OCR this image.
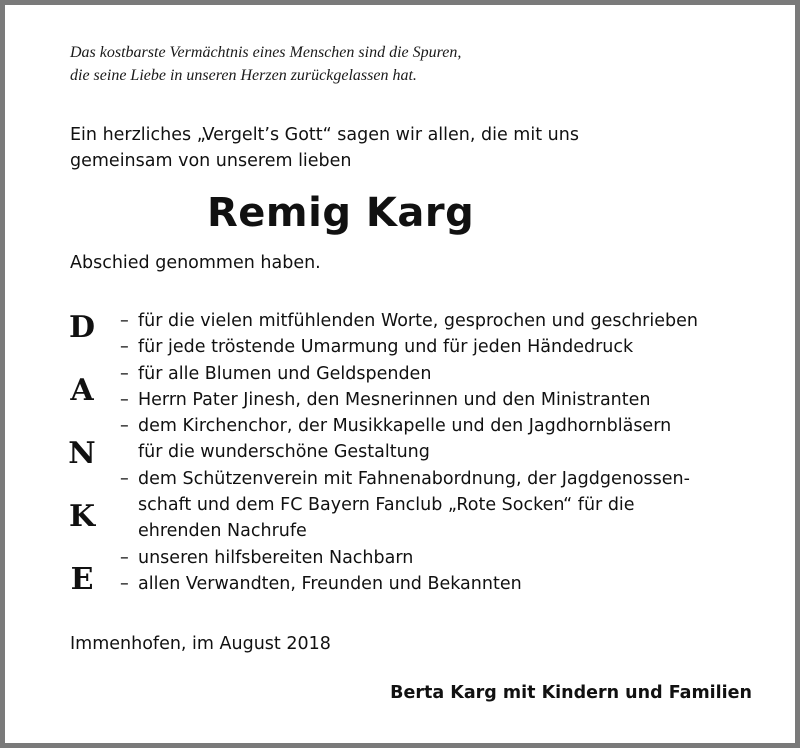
Das kostbarste Vermächtnis eines Menschen sind die Spuren,
die seine Liebe in unseren Herzen zurückgelassen hat.
Ein herzliches „Vergelt’s Gott“ sagen wir allen, die mit uns
gemeinsam von unserem lieben
Remig Karg
Abschied genommen haben.
D
A
N
K
E
– für die vielen mitfühlenden Worte, gesprochen und geschrieben
– für jede tröstende Umarmung und für jeden Händedruck
– für alle Blumen und Geldspenden
– Herrn Pater Jinesh, den Mesnerinnen und den Ministranten
– dem Kirchenchor, der Musikkapelle und den Jagdhornbläsern
für die wunderschöne Gestaltung
– dem Schützenverein mit Fahnenabordnung, der Jagdgenossen-
schaft und dem FC Bayern Fanclub „Rote Socken“ für die
ehrenden Nachrufe
– unseren hilfsbereiten Nachbarn
– allen Verwandten, Freunden und Bekannten
Immenhofen, im August 2018
Berta Karg mit Kindern und Familien
